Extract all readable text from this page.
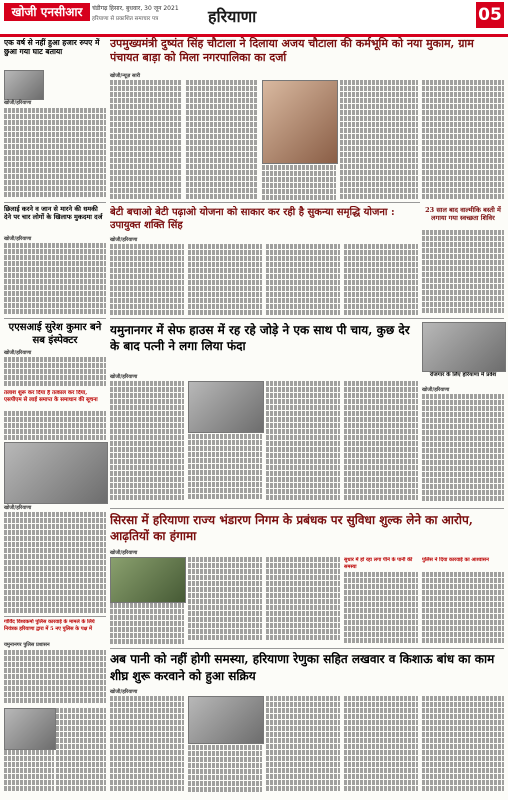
खोजी एनसीआर	चंडीगढ़ हिसार, बुधवार, 30 जून 2021
हरियाणा से प्रकाशित समाचार पत्र	हरियाणा	05
एक वर्ष से नहीं हुआ हजार रुपए में छुआ गया घाट बताया
खोजी/हरियाणा
उपमुख्यमंत्री दुष्यंत सिंह चौटाला ने दिलाया अजय चौटाला की कर्मभूमि को नया मुकाम, ग्राम पंचायत बाड़ा को मिला नगरपालिका का दर्जा
खोजी/न्यूज़ सारी
छिलाई करने व जान से मारने की धमकी देने पर चार लोगों के खिलाफ मुकदमा दर्ज
खोजी/हरियाणा
बेटी बचाओ बेटी पढ़ाओ योजना को साकार कर रही है सुकन्या समृद्धि योजना : उपायुक्त शक्ति सिंह
खोजी/हरियाणा
23 साल बाद वाल्मीकि बस्ती में लगाया गया स्वच्छता शिविर
एएसआई सुरेश कुमार बने सब इंस्पेक्टर
खोजी/हरियाणा
तलाश शुरू कर दिया हैं तत्काल कर दिया, एसपीएम से लाई समाप्त के समाधान की सूचना
खोजी/हरियाणा
यमुनानगर में सेफ हाउस में रह रहे जोड़े ने एक साथ पी चाय, कुछ देर के बाद पत्नी ने लगा लिया फंदा
खोजी/हरियाणा	रोजगार के लिए हरियाणा में प्रवेश
खोजी/हरियाणा
सिरसा में हरियाणा राज्य भंडारण निगम के प्रबंधक पर सुविधा शुल्क लेने का आरोप, आढ़तियों का हंगामा
खोजी/हरियाणा
सुधार में हो रहा लगा पीने के पानी की समस्या
पुलिस ने दिया कारवाई का आश्वासन
गोविंद विश्वकर्मा पुलिस कारवाई के मामले के लिये नियंत्रक हरियाणा द्वारा में 5 नए पुलिस के पक्ष में
यमुनानगर पुलिस प्रशासन
अब पानी को नहीं होगी समस्या, हरियाणा रेणुका सहित लखवार व किशाऊ बांध का काम शीघ्र शुरू करवाने को हुआ सक्रिय
खोजी/हरियाणा
